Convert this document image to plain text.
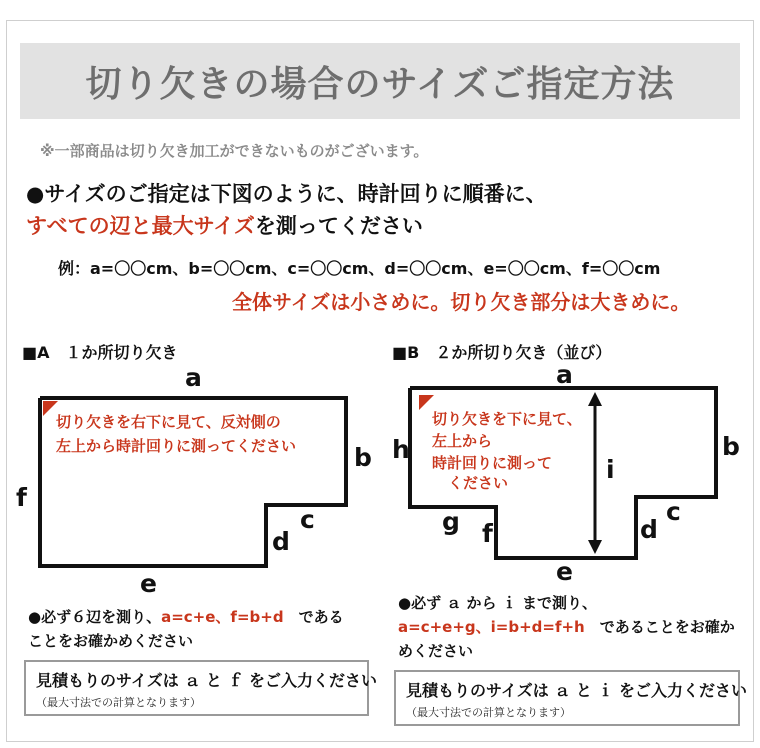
切り欠きの場合のサイズご指定方法
※一部商品は切り欠き加工ができないものがございます。
●サイズのご指定は下図のように、時計回りに順番に、
すべての辺と最大サイズを測ってください
例：a=〇〇cm、b=〇〇cm、c=〇〇cm、d=〇〇cm、e=〇〇cm、f=〇〇cm
全体サイズは小さめに。切り欠き部分は大きめに。
■A　１か所切り欠き	■B　２か所切り欠き（並び）
切り欠きを右下に見て、反対側の
左上から時計回りに測ってください
a
b
c
d
e
f
切り欠きを下に見て、
左上から
時計回りに測って
ください
a
b
c
d
e
f
g
h
i
●必ず６辺を測り、a=c+e、f=b+d　である
ことをお確かめください
見積もりのサイズは ａ と ｆ をご入力ください
（最大寸法での計算となります）
●必ず ａ から ｉ まで測り、
a=c+e+g、i=b+d=f+h　であることをお確か
めください
見積もりのサイズは ａ と ｉ をご入力ください
（最大寸法での計算となります）
